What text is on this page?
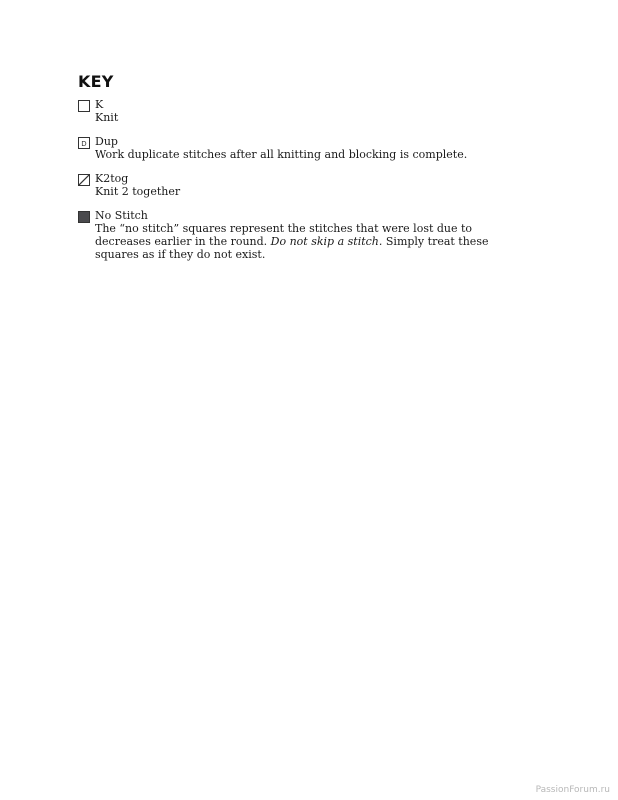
KEY
K
Knit
D Dup
Work duplicate stitches after all knitting and blocking is complete.
K2tog
Knit 2 together
No Stitch
The “no stitch” squares represent the stitches that were lost due to decreases earlier in the round. Do not skip a stitch. Simply treat these squares as if they do not exist.
PassionForum.ru
